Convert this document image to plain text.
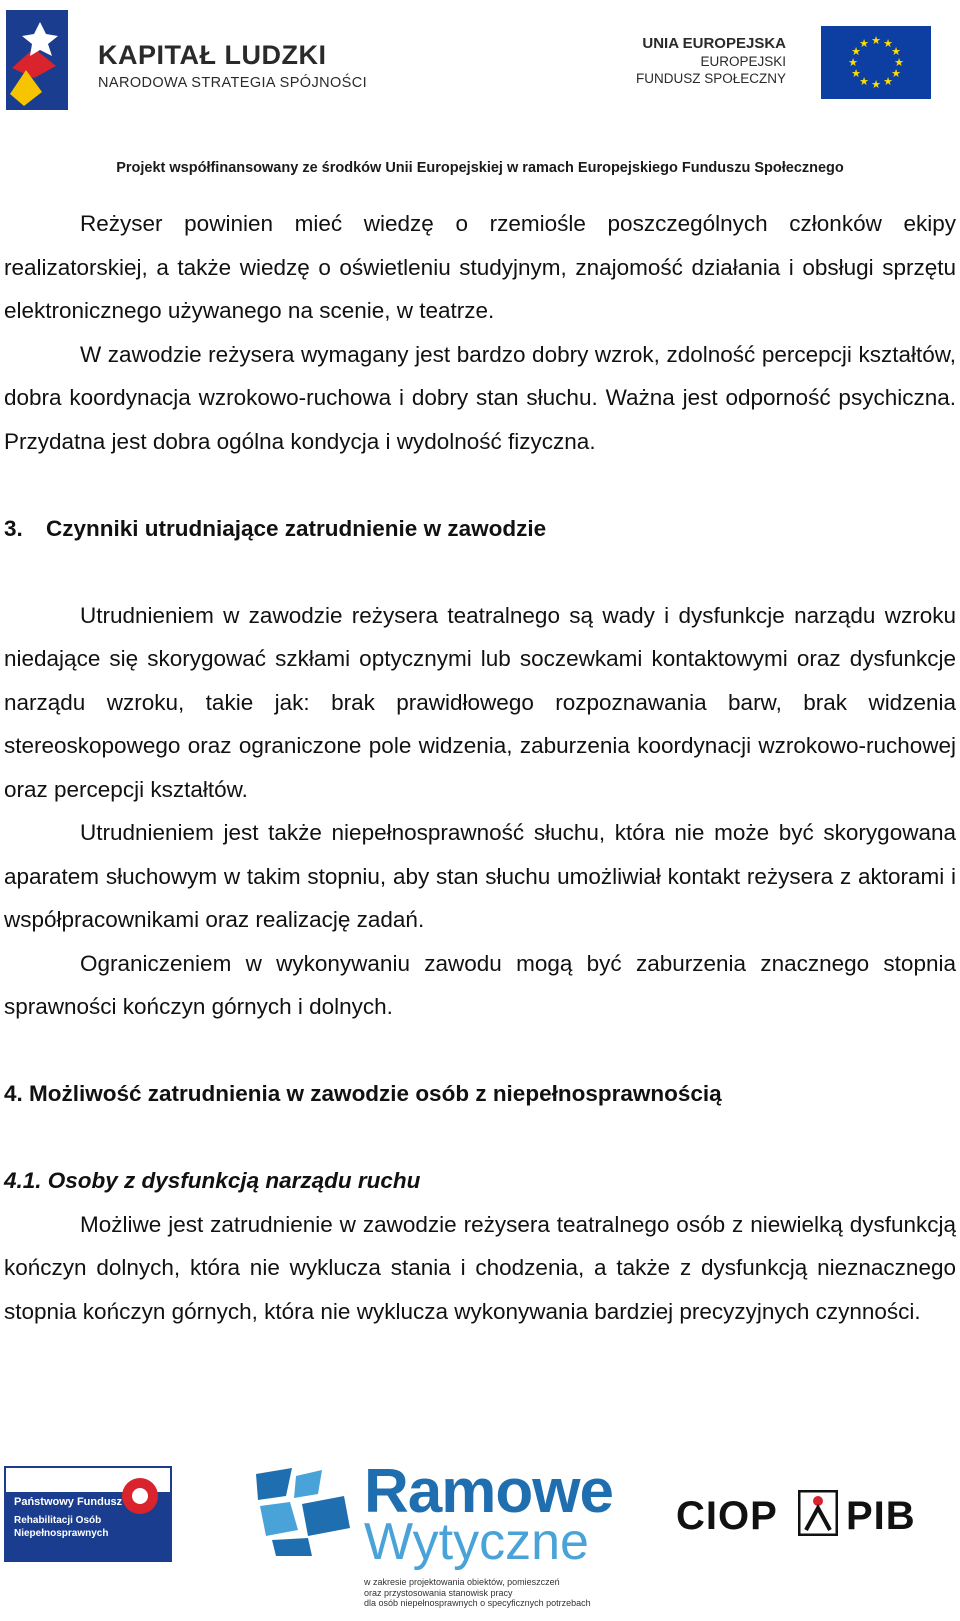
KAPITAŁ LUDZKI
NARODOWA STRATEGIA SPÓJNOŚCI
UNIA EUROPEJSKA
EUROPEJSKI
FUNDUSZ SPOŁECZNY
★ ★
★
★
★
★
★
★
★
★
★
★
Projekt współfinansowany ze środków Unii Europejskiej w ramach Europejskiego Funduszu Społecznego

Reżyser powinien mieć wiedzę o rzemiośle poszczególnych członków ekipy realizatorskiej, a także wiedzę o oświetleniu studyjnym, znajomość działania i obsługi sprzętu elektronicznego używanego na scenie, w teatrze.

W zawodzie reżysera wymagany jest bardzo dobry wzrok, zdolność percepcji kształtów, dobra koordynacja wzrokowo-ruchowa i dobry stan słuchu. Ważna jest odporność psychiczna. Przydatna jest dobra ogólna kondycja i wydolność fizyczna.

3. Czynniki utrudniające zatrudnienie w zawodzie

Utrudnieniem w zawodzie reżysera teatralnego są wady i dysfunkcje narządu wzroku niedające się skorygować szkłami optycznymi lub soczewkami kontaktowymi oraz dysfunkcje narządu wzroku, takie jak: brak prawidłowego rozpoznawania barw, brak widzenia stereoskopowego oraz ograniczone pole widzenia, zaburzenia koordynacji wzrokowo-ruchowej oraz percepcji kształtów.

Utrudnieniem jest także niepełnosprawność słuchu, która nie może być skorygowana aparatem słuchowym w takim stopniu, aby stan słuchu umożliwiał kontakt reżysera z aktorami i współpracownikami oraz realizację zadań.

Ograniczeniem w wykonywaniu zawodu mogą być zaburzenia znacznego stopnia sprawności kończyn górnych i dolnych.

4. Możliwość zatrudnienia w zawodzie osób z niepełnosprawnością
4.1. Osoby z dysfunkcją narządu ruchu

Możliwe jest zatrudnienie w zawodzie reżysera teatralnego osób z niewielką dysfunkcją kończyn dolnych, która nie wyklucza stania i chodzenia, a także z dysfunkcją nieznacznego stopnia kończyn górnych, która nie wyklucza wykonywania bardziej precyzyjnych czynności.

Państwowy Fundusz
Rehabilitacji Osób
Niepełnosprawnych
Ramowe
Wytyczne
w zakresie projektowania obiektów, pomieszczeń
oraz przystosowania stanowisk pracy
dla osób niepełnosprawnych o specyficznych potrzebach
CIOP PIB
